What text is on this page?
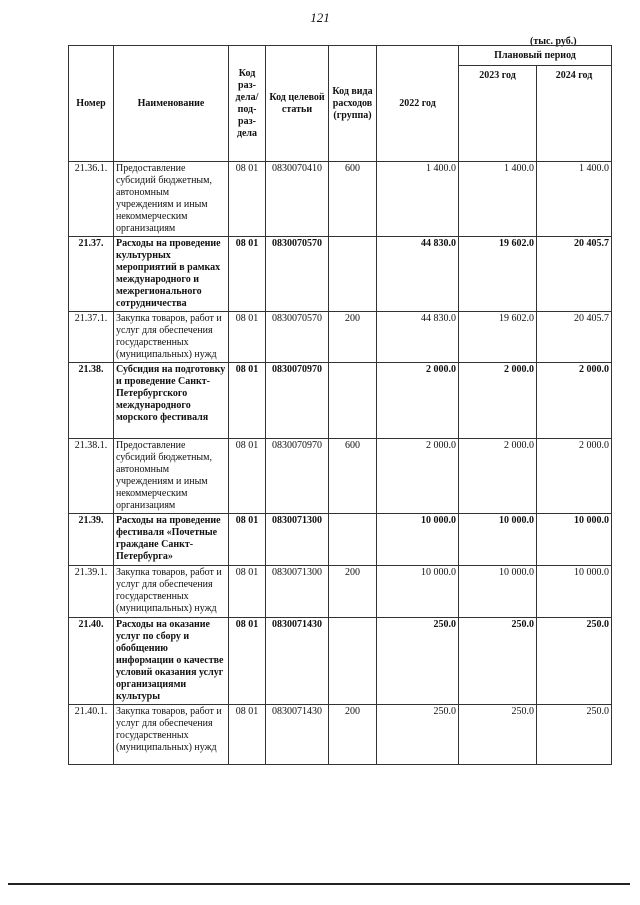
121
(тыс. руб.)
Номер	Наименование	Код раз-дела/ под-раз-дела	Код целевой статьи	Код вида расходов (группа)	2022 год	Плановый период	
						2023 год	2024 год
21.36.1.	Предоставление субсидий бюджетным, автономным учреждениям и иным некоммерческим организациям	08 01	0830070410	600	1 400.0	1 400.0	1 400.0
21.37.	Расходы на проведение культурных мероприятий в рамках международного и межрегионального сотрудничества	08 01	0830070570		44 830.0	19 602.0	20 405.7
21.37.1.	Закупка товаров, работ и услуг для обеспечения государственных (муниципальных) нужд	08 01	0830070570	200	44 830.0	19 602.0	20 405.7
21.38.	Субсидия на подготовку и проведение Санкт-Петербургского международного морского фестиваля	08 01	0830070970		2 000.0	2 000.0	2 000.0
21.38.1.	Предоставление субсидий бюджетным, автономным учреждениям и иным некоммерческим организациям	08 01	0830070970	600	2 000.0	2 000.0	2 000.0
21.39.	Расходы на проведение фестиваля «Почетные граждане Санкт-Петербурга»	08 01	0830071300		10 000.0	10 000.0	10 000.0
21.39.1.	Закупка товаров, работ и услуг для обеспечения государственных (муниципальных) нужд	08 01	0830071300	200	10 000.0	10 000.0	10 000.0
21.40.	Расходы на оказание услуг по сбору и обобщению информации о качестве условий оказания услуг организациями культуры	08 01	0830071430		250.0	250.0	250.0
21.40.1.	Закупка товаров, работ и услуг для обеспечения государственных (муниципальных) нужд	08 01	0830071430	200	250.0	250.0	250.0
